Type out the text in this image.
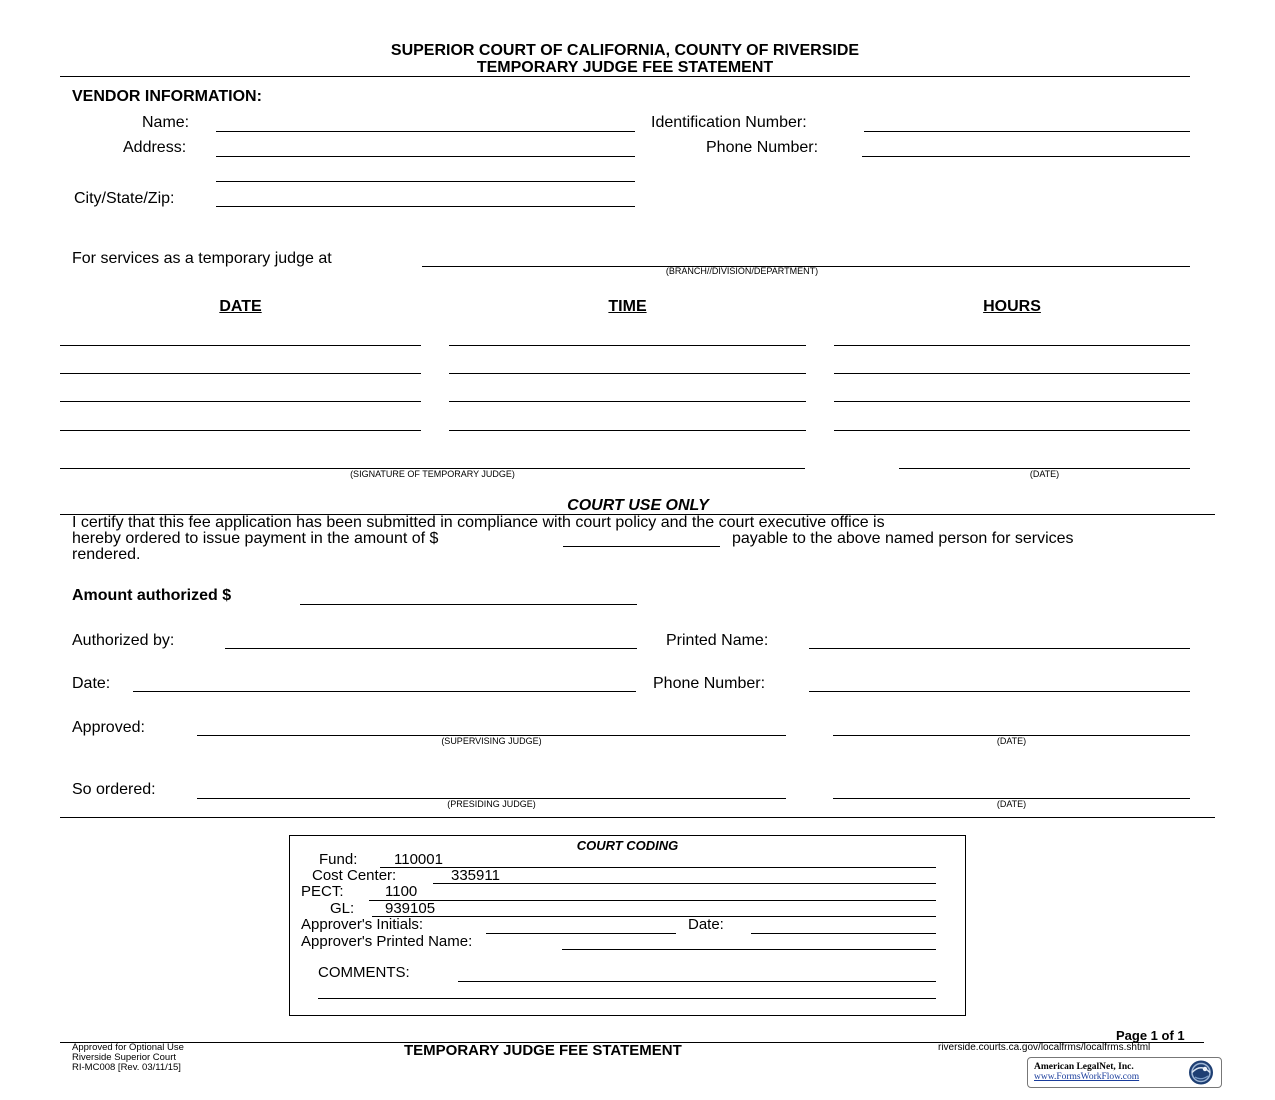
SUPERIOR COURT OF CALIFORNIA, COUNTY OF RIVERSIDE
TEMPORARY JUDGE FEE STATEMENT
VENDOR INFORMATION:
Name:
Address:
City/State/Zip:
Identification Number:
Phone Number:
For services as a temporary judge at
(BRANCH//DIVISION/DEPARTMENT)
DATE	TIME	HOURS
(SIGNATURE OF TEMPORARY JUDGE)	(DATE)
COURT USE ONLY
I certify that this fee application has been submitted in compliance with court policy and the court executive office is
hereby ordered to issue payment in the amount of $	payable to the above named person for services
rendered.
Amount authorized $
Authorized by:	Printed Name:
Date:	Phone Number:
Approved:
(SUPERVISING JUDGE)	(DATE)
So ordered:
(PRESIDING JUDGE)	(DATE)
COURT CODING
Fund: 110001
Cost Center:	335911
PECT:	1100
GL: 939105
Approver's Initials:	Date:
Approver's Printed Name:
COMMENTS:
Page 1 of 1
Approved for Optional Use
Riverside Superior Court
RI-MC008 [Rev. 03/11/15]
TEMPORARY JUDGE FEE STATEMENT	riverside.courts.ca.gov/localfrms/localfrms.shtml
American LegalNet, Inc.
www.FormsWorkFlow.com
